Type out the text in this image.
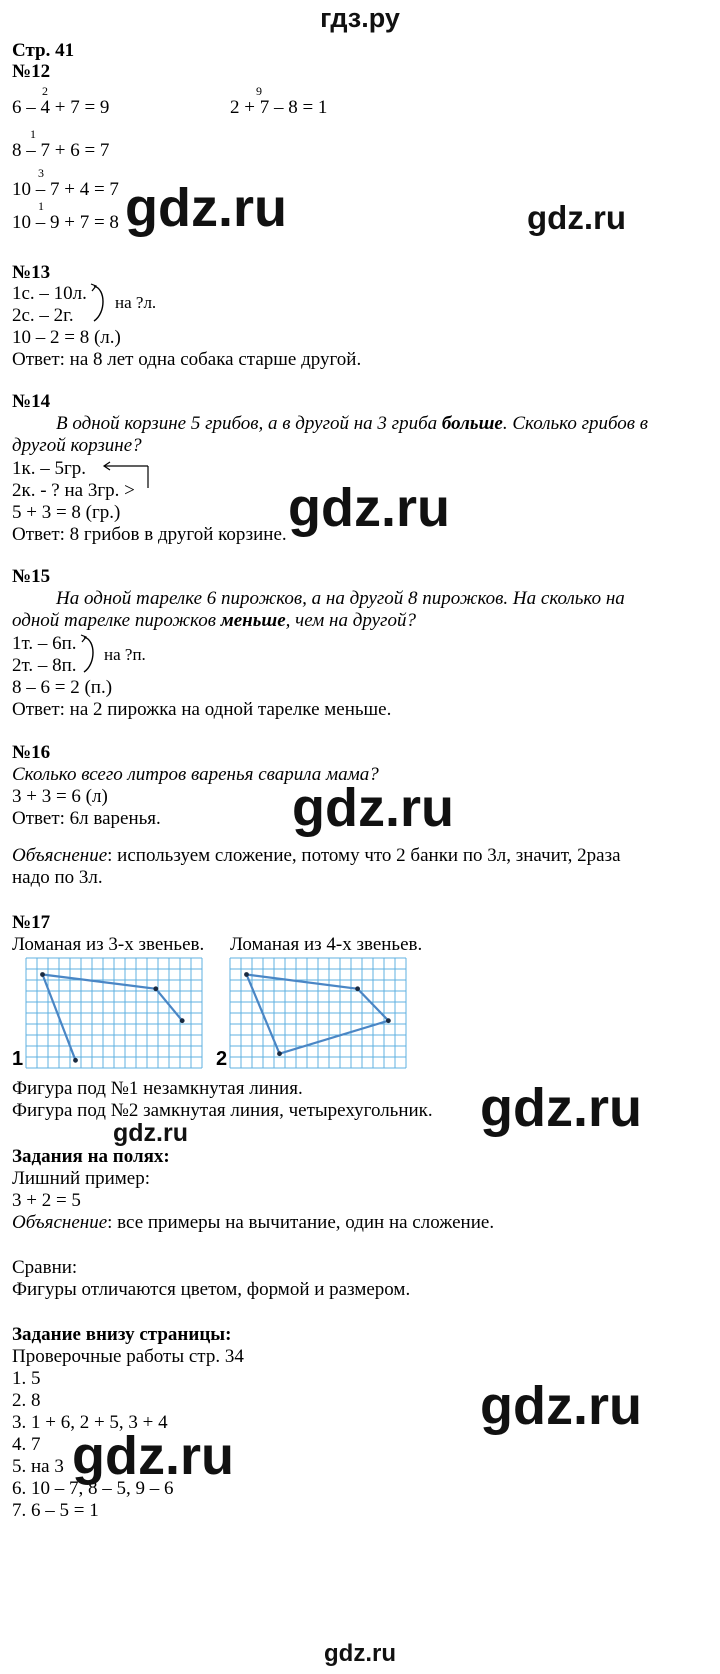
гдз.ру
Стр. 41
№12
2
6 – 4 + 7 = 9
9
2 + 7 – 8 = 1
1
8 – 7 + 6 = 7
3
10 – 7 + 4 = 7
1
10 – 9 + 7 = 8 gdz.ru	gdz.ru
№13
1с. – 10л.
2с. – 2г.
на ?л.
10 – 2 = 8 (л.)
Ответ: на 8 лет одна собака старше другой.
№14
В одной корзине 5 грибов, а в другой на 3 гриба больше. Сколько грибов в
другой корзине?
1к. – 5гр.
2к. - ? на 3гр. >
5 + 3 = 8 (гр.)
Ответ: 8 грибов в другой корзине. gdz.ru
№15
На одной тарелке 6 пирожков, а на другой 8 пирожков. На сколько на
одной тарелке пирожков меньше, чем на другой?
1т. – 6п.
2т. – 8п.
на ?п.
8 – 6 = 2 (п.)
Ответ: на 2 пирожка на одной тарелке меньше.
№16
Сколько всего литров варенья сварила мама?
3 + 3 = 6 (л)
Ответ: 6л варенья. gdz.ru
Объяснение: используем сложение, потому что 2 банки по 3л, значит, 2раза
надо по 3л.
№17
Ломаная из 3-х звеньев. Ломаная из 4-х звеньев.
1	2
Фигура под №1 незамкнутая линия.
Фигура под №2 замкнутая линия, четырехугольник. gdz.ru
gdz.ru
Задания на полях:
Лишний пример:
3 + 2 = 5
Объяснение: все примеры на вычитание, один на сложение.
Сравни:
Фигуры отличаются цветом, формой и размером.
Задание внизу страницы:
Проверочные работы стр. 34
1. 5
2. 8
3. 1 + 6, 2 + 5, 3 + 4
4. 7
5. на 3
6. 10 – 7, 8 – 5, 9 – 6
7. 6 – 5 = 1
gdz.ru
gdz.ru
gdz.ru
